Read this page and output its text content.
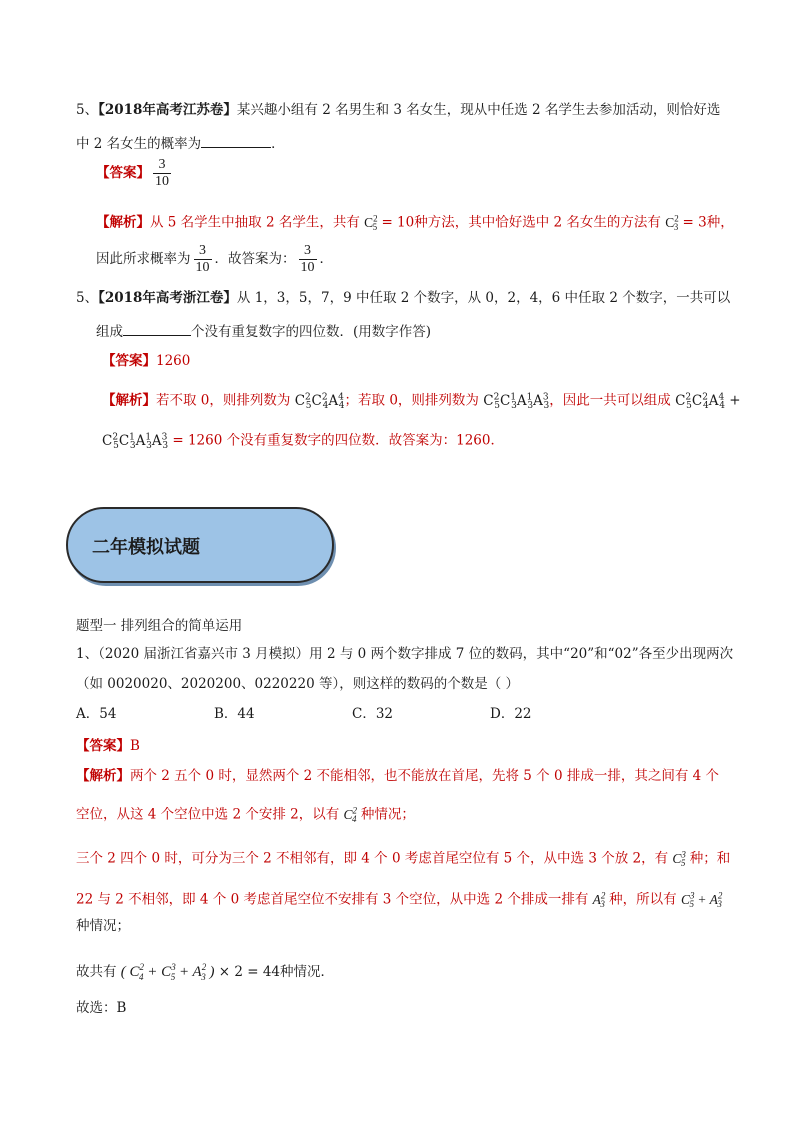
5、【2018年高考江苏卷】某兴趣小组有 2 名男生和 3 名女生，现从中任选 2 名学生去参加活动，则恰好选
中 2 名女生的概率为	．
【答案】 $\frac{3}{10}$
【解析】从 5 名学生中抽取 2 名学生，共有 $C^2_5 = 10$种方法，其中恰好选中 2 名女生的方法有 $C^2_3 = 3$种，
因此所求概率为 $\frac{3}{10}$ ．故答案为： $\frac{3}{10}$ ．
5、【2018年高考浙江卷】从 1，3，5，7，9 中任取 2 个数字，从 0，2，4，6 中任取 2 个数字，一共可以
组成	个没有重复数字的四位数．(用数字作答)
【答案】1260
【解析】若不取 0，则排列数为 $C^2_5C^2_4A^4_4$；若取 0，则排列数为 $C^2_5C^1_3A^1_3A^3_3$，因此一共可以组成 $C^2_5C^2_4A^4_4$ +
$C^2_5C^1_3A^1_3A^3_3 = 1260$ 个没有重复数字的四位数．故答案为：1260．
二年模拟试题
题型一 排列组合的简单运用
1、（2020 届浙江省嘉兴市 3 月模拟）用 2 与 0 两个数字排成 7 位的数码，其中“20”和“02”各至少出现两次
（如 0020020、2020200、0220220 等），则这样的数码的个数是（ ）
A．54	B．44	C．32	D．22
【答案】B
【解析】两个 2 五个 0 时，显然两个 2 不能相邻，也不能放在首尾，先将 5 个 0 排成一排，其之间有 4 个
空位，从这 4 个空位中选 2 个安排 2，以有 $C^2_4$ 种情况；
三个 2 四个 0 时，可分为三个 2 不相邻有，即 4 个 0 考虑首尾空位有 5 个，从中选 3 个放 2，有 $C^3_5$ 种；和
22 与 2 不相邻，即 4 个 0 考虑首尾空位不安排有 3 个空位，从中选 2 个排成一排有 $A^2_3$ 种，所以有 $C^3_5 + A^2_3$
种情况；
故共有 ( $C^2_4 + C^3_5 + A^2_3$ ) × 2 = 44种情况．
故选：B
